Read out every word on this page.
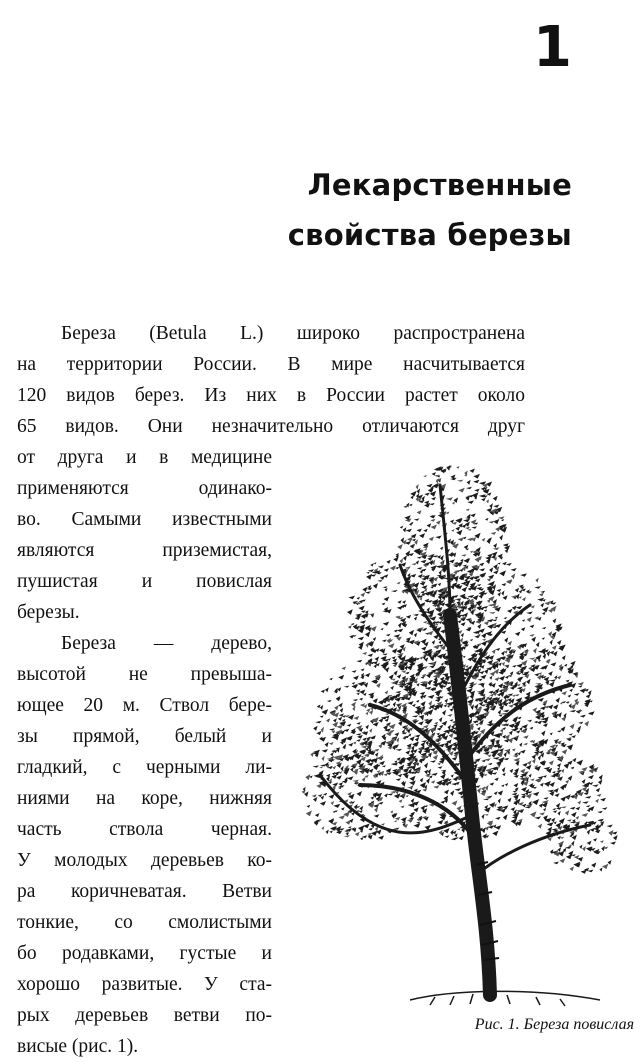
1
Лекарственные
свойства березы
Береза (Betula L.) широко распространена
на территории России. В мире насчитывается
120 видов берез. Из них в России растет около
65 видов. Они незначительно отличаются друг
от друга и в медицине
применяются одинако-
во. Самыми известными
являются приземистая,
пушистая и повислая
березы.
Береза — дерево,
высотой не превыша-
ющее 20 м. Ствол бере-
зы прямой, белый и
гладкий, с черными ли-
ниями на коре, нижняя
часть ствола черная.
У молодых деревьев ко-
ра коричневатая. Ветви
тонкие, со смолистыми
бо родавками, густые и
хорошо развитые. У ста-
рых деревьев ветви по-
висые (рис. 1).
Рис. 1. Береза повислая
